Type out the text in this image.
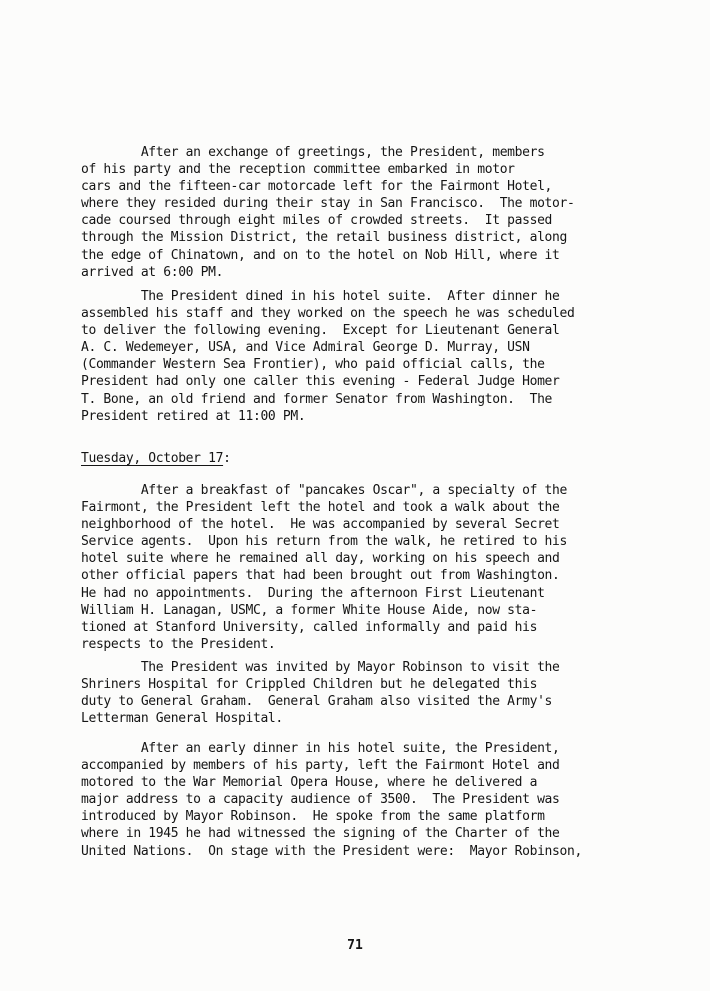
After an exchange of greetings, the President, members
of his party and the reception committee embarked in motor
cars and the fifteen-car motorcade left for the Fairmont Hotel,
where they resided during their stay in San Francisco.  The motor-
cade coursed through eight miles of crowded streets.  It passed
through the Mission District, the retail business district, along
the edge of Chinatown, and on to the hotel on Nob Hill, where it
arrived at 6:00 PM.
The President dined in his hotel suite.  After dinner he
assembled his staff and they worked on the speech he was scheduled
to deliver the following evening.  Except for Lieutenant General
A. C. Wedemeyer, USA, and Vice Admiral George D. Murray, USN
(Commander Western Sea Frontier), who paid official calls, the
President had only one caller this evening - Federal Judge Homer
T. Bone, an old friend and former Senator from Washington.  The
President retired at 11:00 PM.
Tuesday, October 17:
After a breakfast of "pancakes Oscar", a specialty of the
Fairmont, the President left the hotel and took a walk about the
neighborhood of the hotel.  He was accompanied by several Secret
Service agents.  Upon his return from the walk, he retired to his
hotel suite where he remained all day, working on his speech and
other official papers that had been brought out from Washington.
He had no appointments.  During the afternoon First Lieutenant
William H. Lanagan, USMC, a former White House Aide, now sta-
tioned at Stanford University, called informally and paid his
respects to the President.
The President was invited by Mayor Robinson to visit the
Shriners Hospital for Crippled Children but he delegated this
duty to General Graham.  General Graham also visited the Army's
Letterman General Hospital.
After an early dinner in his hotel suite, the President,
accompanied by members of his party, left the Fairmont Hotel and
motored to the War Memorial Opera House, where he delivered a
major address to a capacity audience of 3500.  The President was
introduced by Mayor Robinson.  He spoke from the same platform
where in 1945 he had witnessed the signing of the Charter of the
United Nations.  On stage with the President were:  Mayor Robinson,
71
